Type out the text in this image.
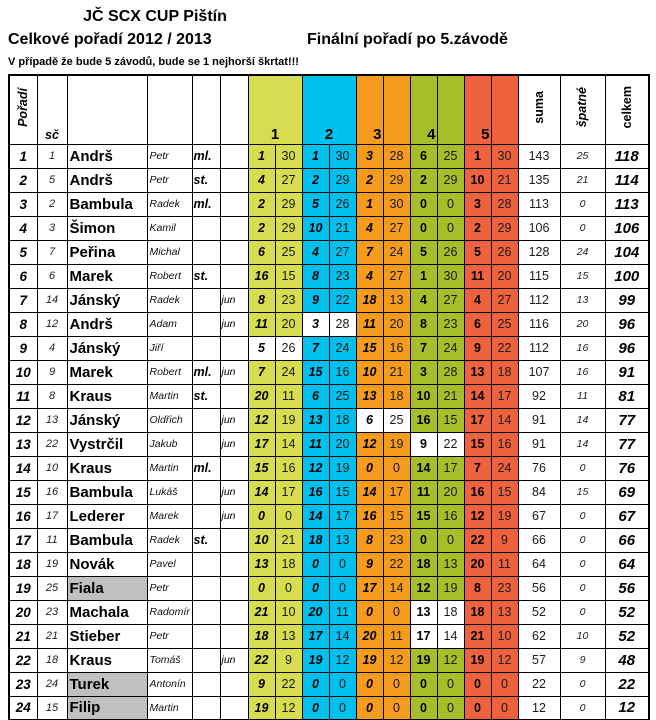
JČ SCX CUP Pištín
Celkové pořadí 2012 / 2013	Finální pořadí po 5.závodě
V případě že bude 5 závodů, bude se 1 nejhorší škrtat!!!
Pořadí	sč					1		2		3		4		5		suma	špatné	celkem
1	1	Andrš	Petr	ml.		1	30	1	30	3	28	6	25	1	30	143	25	118
2	5	Andrš	Petr	st.		4	27	2	29	2	29	2	29	10	21	135	21	114
3	2	Bambula	Radek	ml.		2	29	5	26	1	30	0	0	3	28	113	0	113
4	3	Šimon	Kamil			2	29	10	21	4	27	0	0	2	29	106	0	106
5	7	Peřina	Michal			6	25	4	27	7	24	5	26	5	26	128	24	104
6	6	Marek	Robert	st.		16	15	8	23	4	27	1	30	11	20	115	15	100
7	14	Jánský	Radek		jun	8	23	9	22	18	13	4	27	4	27	112	13	99
8	12	Andrš	Adam		jun	11	20	3	28	11	20	8	23	6	25	116	20	96
9	4	Jánský	Jiří			5	26	7	24	15	16	7	24	9	22	112	16	96
10	9	Marek	Robert	ml.	jun	7	24	15	16	10	21	3	28	13	18	107	16	91
11	8	Kraus	Martin	st.		20	11	6	25	13	18	10	21	14	17	92	11	81
12	13	Jánský	Oldřich		jun	12	19	13	18	6	25	16	15	17	14	91	14	77
13	22	Vystrčil	Jakub		jun	17	14	11	20	12	19	9	22	15	16	91	14	77
14	10	Kraus	Martin	ml.		15	16	12	19	0	0	14	17	7	24	76	0	76
15	16	Bambula	Lukáš		jun	14	17	16	15	14	17	11	20	16	15	84	15	69
16	17	Lederer	Marek		jun	0	0	14	17	16	15	15	16	12	19	67	0	67
17	11	Bambula	Radek	st.		10	21	18	13	8	23	0	0	22	9	66	0	66
18	19	Novák	Pavel			13	18	0	0	9	22	18	13	20	11	64	0	64
19	25	Fiala	Petr			0	0	0	0	17	14	12	19	8	23	56	0	56
20	23	Machala	Radomír			21	10	20	11	0	0	13	18	18	13	52	0	52
21	21	Stieber	Petr			18	13	17	14	20	11	17	14	21	10	62	10	52
22	18	Kraus	Tomáš		jun	22	9	19	12	19	12	19	12	19	12	57	9	48
23	24	Turek	Antonín			9	22	0	0	0	0	0	0	0	0	22	0	22
24	15	Filip	Martin			19	12	0	0	0	0	0	0	0	0	12	0	12
